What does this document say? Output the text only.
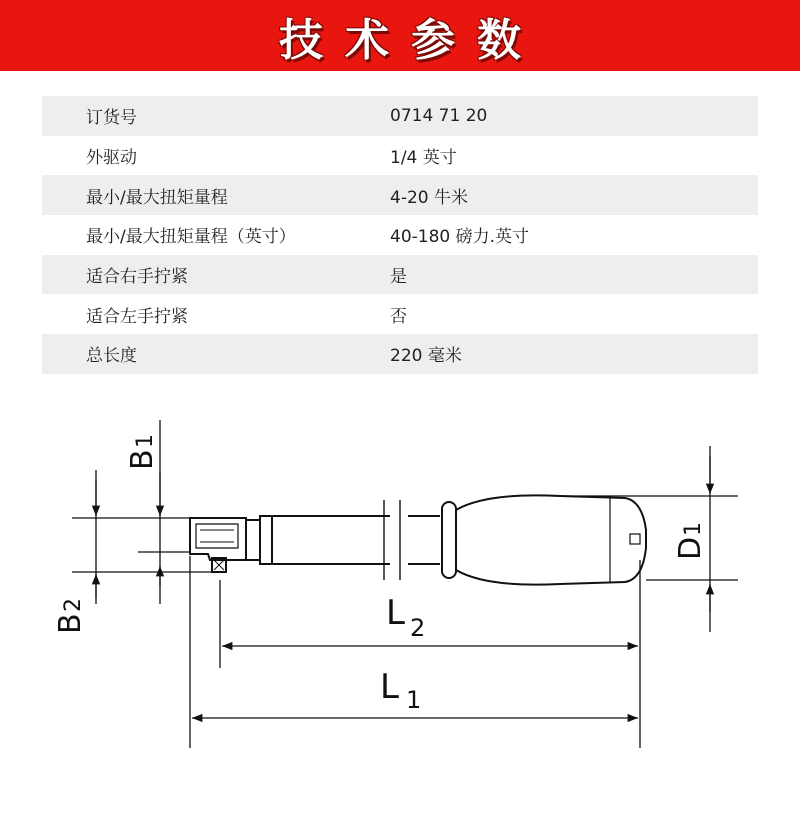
技术参数
订货号	0714 71 20
外驱动	1/4 英寸
最小/最大扭矩量程	4-20 牛米
最小/最大扭矩量程（英寸）	40-180 磅力.英寸
适合右手拧紧	是
适合左手拧紧	否
总长度	220 毫米
B
1
B
2
D
1
L 2
L 1
